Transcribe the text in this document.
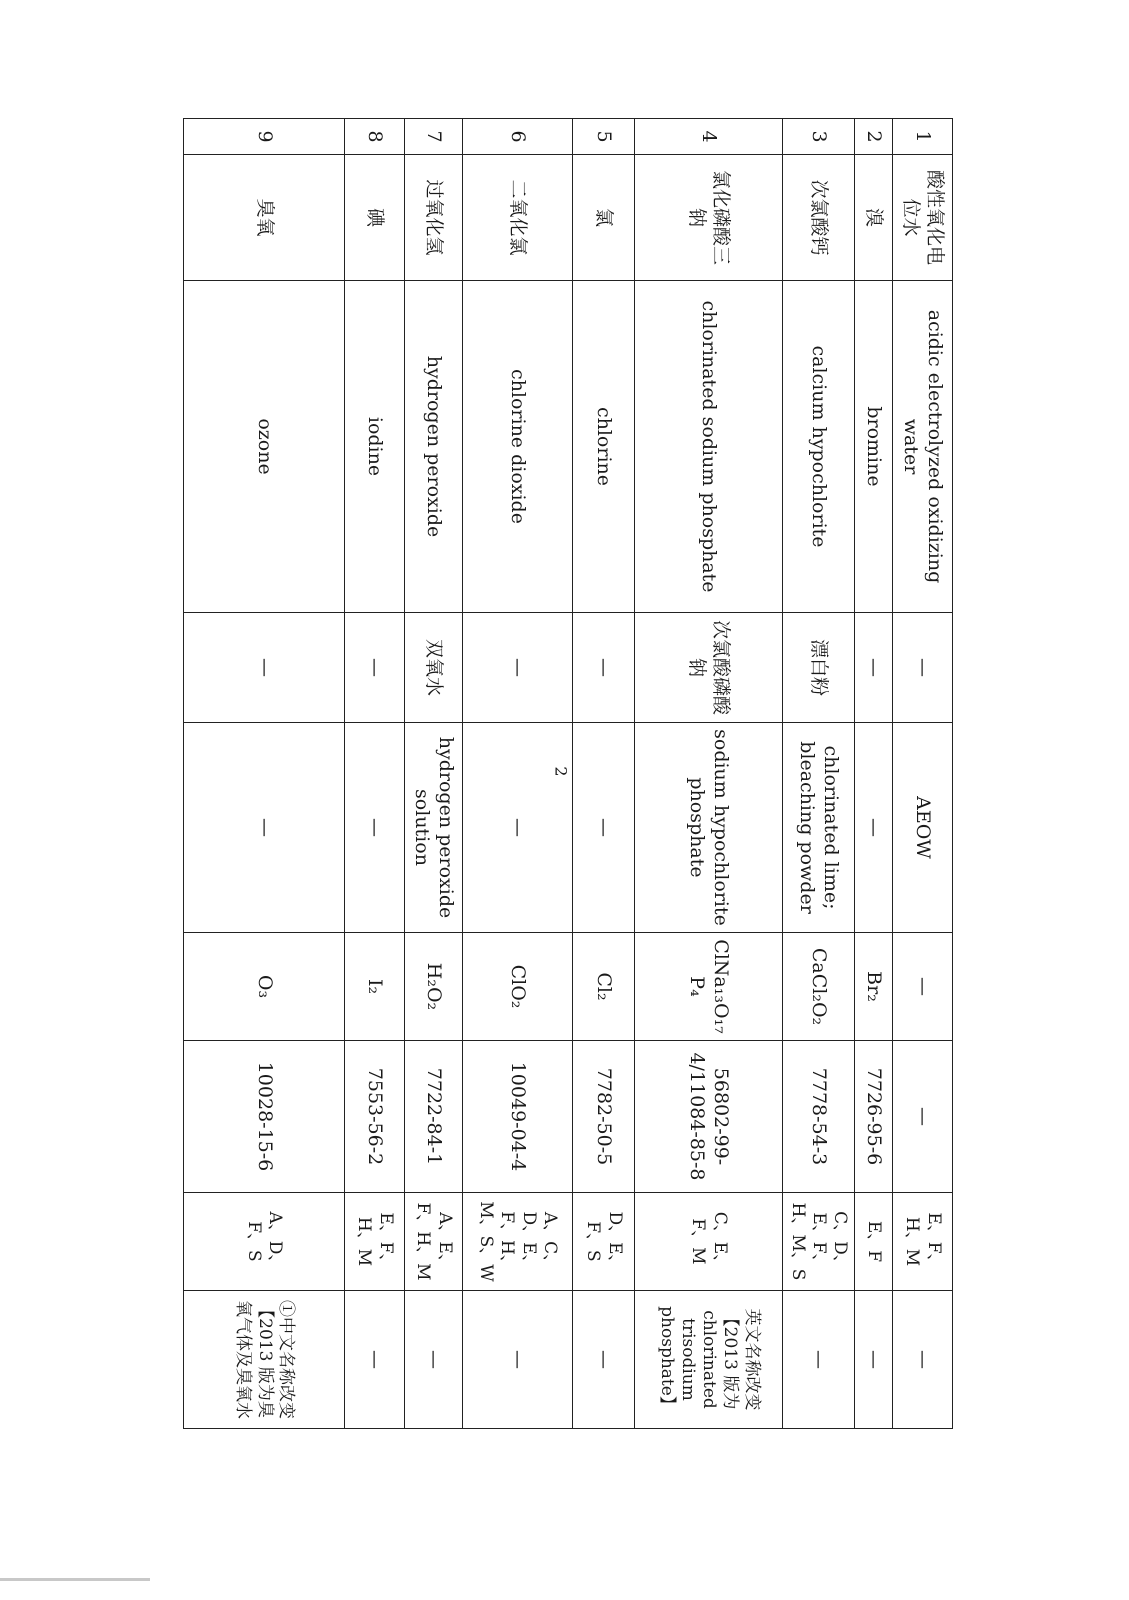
1	酸性氧化电位水	acidic electrolyzed oxidizing water	—	AEOW	—	—	E、F、H、M	—
2	溴	bromine	—	—	Br₂	7726-95-6	E、F	—
3	次氯酸钙	calcium hypochlorite	漂白粉	chlorinated lime; bleaching powder	CaCl₂O₂	7778-54-3	C、D、E、F、H、M、S	—
4	氯化磷酸三钠	chlorinated sodium phosphate	次氯酸磷酸钠	sodium hypochlorite phosphate	ClNa₁₃O₁₇P₄	56802-99-4/11084-85-8	C、E、F、M	英文名称改变【2013 版为 chlorinated trisodium phosphate】
5	氯	chlorine	—	—	Cl₂	7782-50-5	D、E、F、S	—
6	二氧化氯	chlorine dioxide	—	—	ClO₂	10049-04-4	A、C、D、E、F、H、M、S、W	—
7	过氧化氢	hydrogen peroxide	双氧水	hydrogen peroxide solution	H₂O₂	7722-84-1	A、E、F、H、M	—
8	碘	iodine	—	—	I₂	7553-56-2	E、F、H、M	—
9	臭氧	ozone	—	—	O₃	10028-15-6	A、D、F、S	①中文名称改变【2013 版为臭氧气体及臭氧水
2
